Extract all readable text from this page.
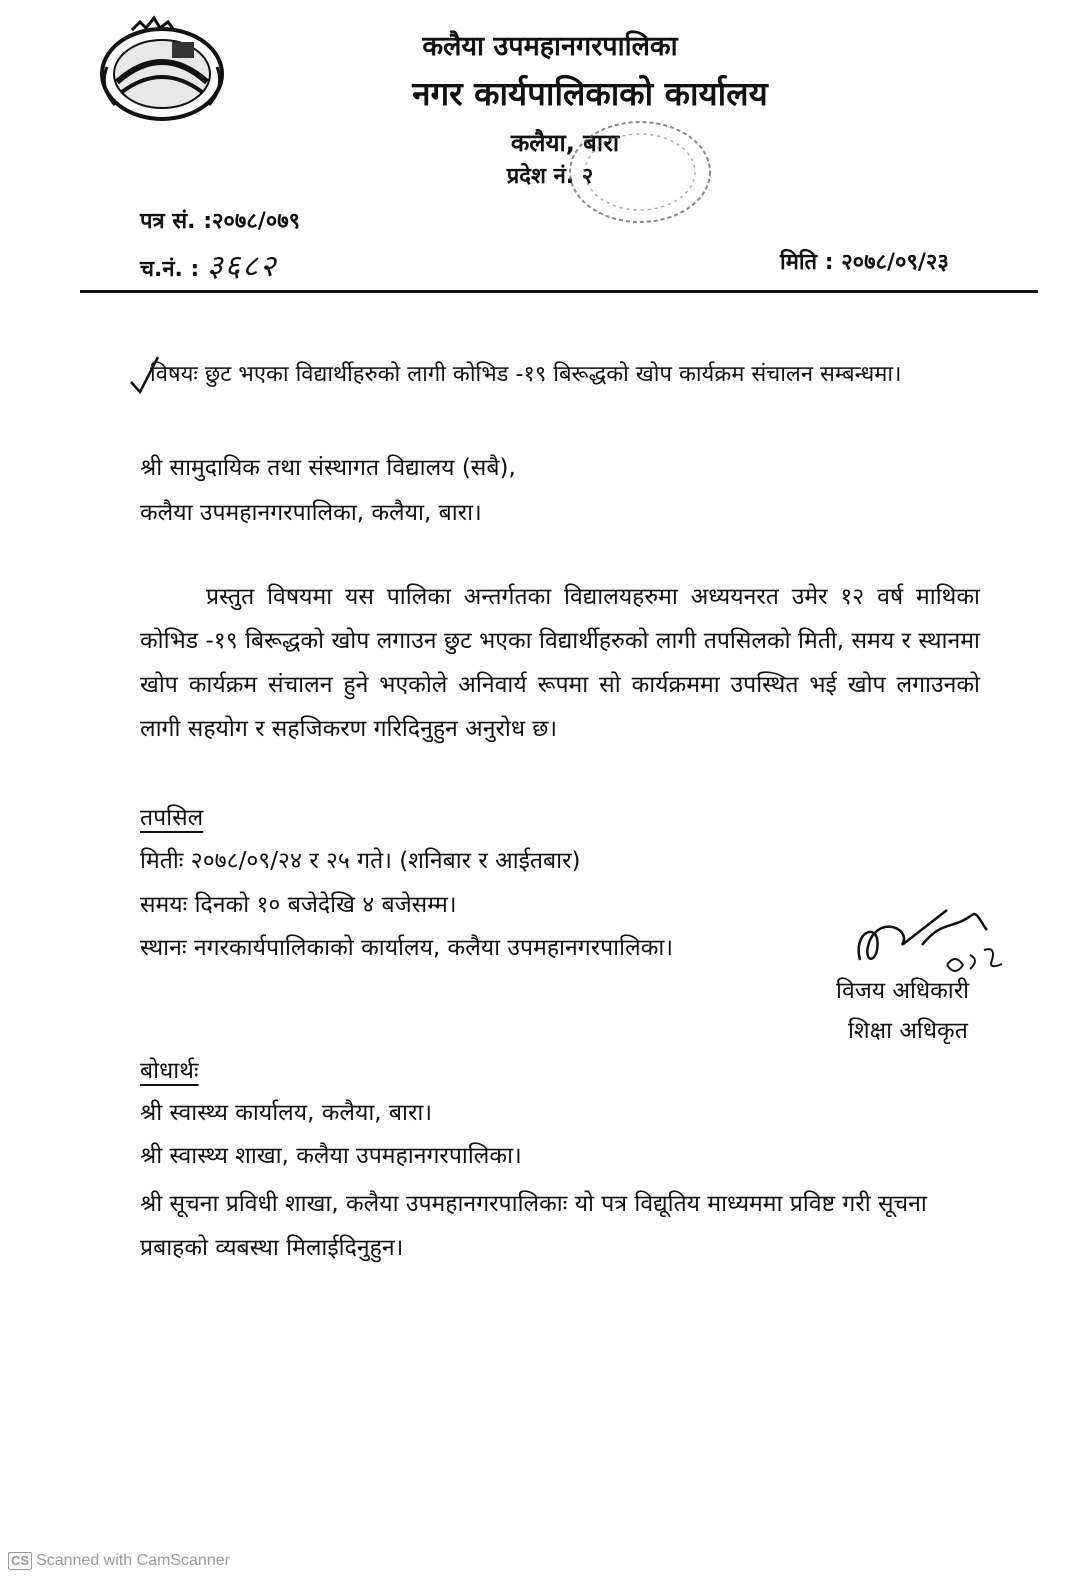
कलैया उपमहानगरपालिका
नगर कार्यपालिकाको कार्यालय
कलैया, बारा
प्रदेश नं. २
पत्र सं. :२०७८/०७९
च.नं. : ३६८२	मिति : २०७८/०९/२३
विषयः छुट भएका विद्यार्थीहरुको लागी कोभिड -१९ बिरूद्धको खोप कार्यक्रम संचालन सम्बन्धमा।
श्री सामुदायिक तथा संस्थागत विद्यालय (सबै),
कलैया उपमहानगरपालिका, कलैया, बारा।
प्रस्तुत विषयमा यस पालिका अन्तर्गतका विद्यालयहरुमा अध्ययनरत उमेर १२ वर्ष माथिका कोभिड -१९ बिरूद्धको खोप लगाउन छुट भएका विद्यार्थीहरुको लागी तपसिलको मिती, समय र स्थानमा खोप कार्यक्रम संचालन हुने भएकोले अनिवार्य रूपमा सो कार्यक्रममा उपस्थित भई खोप लगाउनको लागी सहयोग र सहजिकरण गरिदिनुहुन अनुरोध छ।
तपसिल
मितीः २०७८/०९/२४ र २५ गते। (शनिबार र आईतबार)
समयः दिनको १० बजेदेखि ४ बजेसम्म।
स्थानः नगरकार्यपालिकाको कार्यालय, कलैया उपमहानगरपालिका।
विजय अधिकारी
शिक्षा अधिकृत
बोधार्थः
श्री स्वास्थ्य कार्यालय, कलैया, बारा।
श्री स्वास्थ्य शाखा, कलैया उपमहानगरपालिका।
श्री सूचना प्रविधी शाखा, कलैया उपमहानगरपालिकाः यो पत्र विद्यूतिय माध्यममा प्रविष्ट गरी सूचना प्रबाहको व्यबस्था मिलाईदिनुहुन।
CS Scanned with CamScanner
